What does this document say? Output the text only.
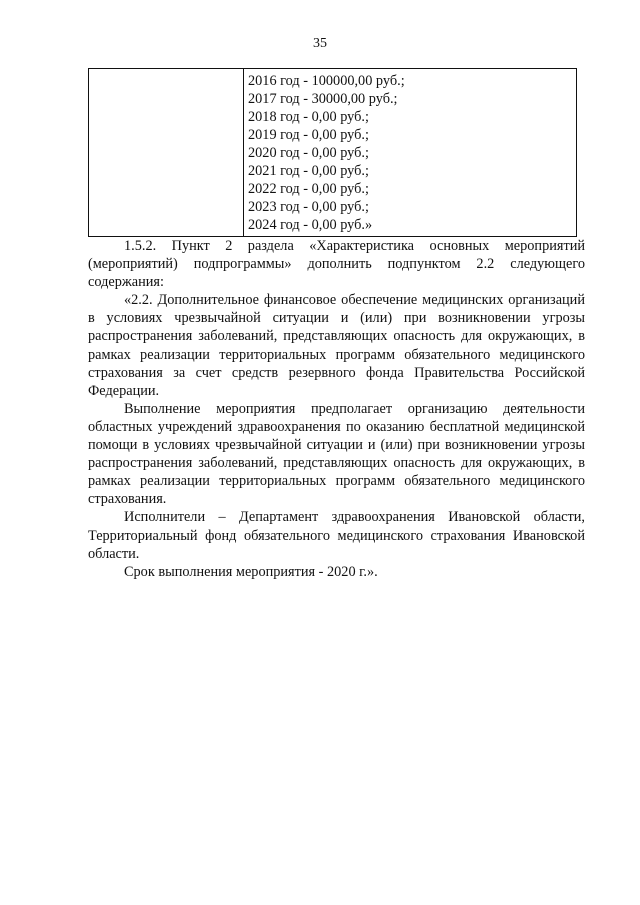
35

2016 год - 100000,00 руб.;
2017 год - 30000,00 руб.;
2018 год - 0,00 руб.;
2019 год - 0,00 руб.;
2020 год - 0,00 руб.;
2021 год - 0,00 руб.;
2022 год - 0,00 руб.;
2023 год - 0,00 руб.;
2024 год - 0,00 руб.»

1.5.2. Пункт 2 раздела «Характеристика основных мероприятий (мероприятий) подпрограммы» дополнить подпунктом 2.2 следующего содержания:

«2.2. Дополнительное финансовое обеспечение медицинских организаций в условиях чрезвычайной ситуации и (или) при возникновении угрозы распространения заболеваний, представляющих опасность для окружающих, в рамках реализации территориальных программ обязательного медицинского страхования за счет средств резервного фонда Правительства Российской Федерации.

Выполнение мероприятия предполагает организацию деятельности областных учреждений здравоохранения по оказанию бесплатной медицинской помощи в условиях чрезвычайной ситуации и (или) при возникновении угрозы распространения заболеваний, представляющих опасность для окружающих, в рамках реализации территориальных программ обязательного медицинского страхования.

Исполнители – Департамент здравоохранения Ивановской области, Территориальный фонд обязательного медицинского страхования Ивановской области.

Срок выполнения мероприятия - 2020 г.».
